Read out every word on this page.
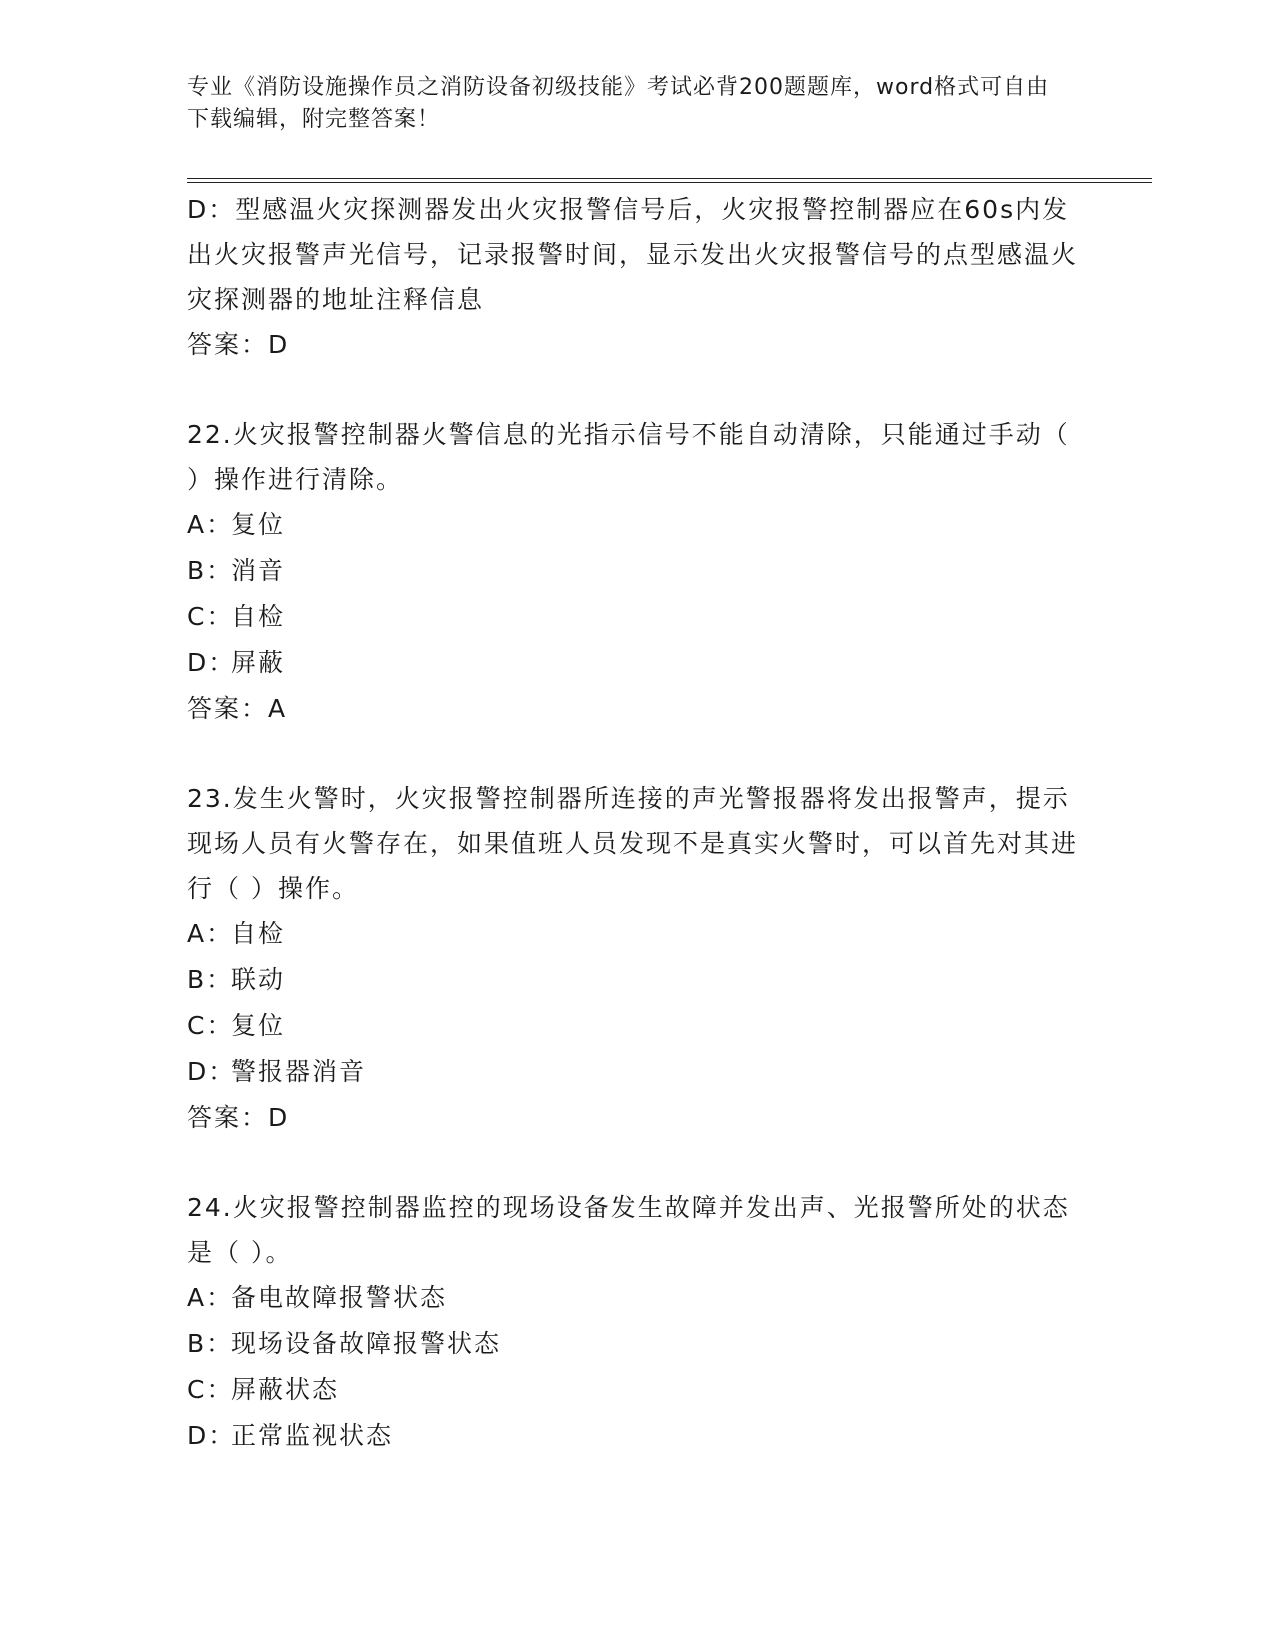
专业《消防设施操作员之消防设备初级技能》考试必背200题题库，word格式可自由下载编辑，附完整答案！

D：型感温火灾探测器发出火灾报警信号后，火灾报警控制器应在60s内发出火灾报警声光信号，记录报警时间，显示发出火灾报警信号的点型感温火灾探测器的地址注释信息

答案：D

22.火灾报警控制器火警信息的光指示信号不能自动清除，只能通过手动（ ）操作进行清除。

A：复位

B：消音

C：自检

D：屏蔽

答案：A

23.发生火警时，火灾报警控制器所连接的声光警报器将发出报警声，提示现场人员有火警存在，如果值班人员发现不是真实火警时，可以首先对其进行（ ）操作。

A：自检

B：联动

C：复位

D：警报器消音

答案：D

24.火灾报警控制器监控的现场设备发生故障并发出声、光报警所处的状态是（ ）。

A：备电故障报警状态

B：现场设备故障报警状态

C：屏蔽状态

D：正常监视状态
